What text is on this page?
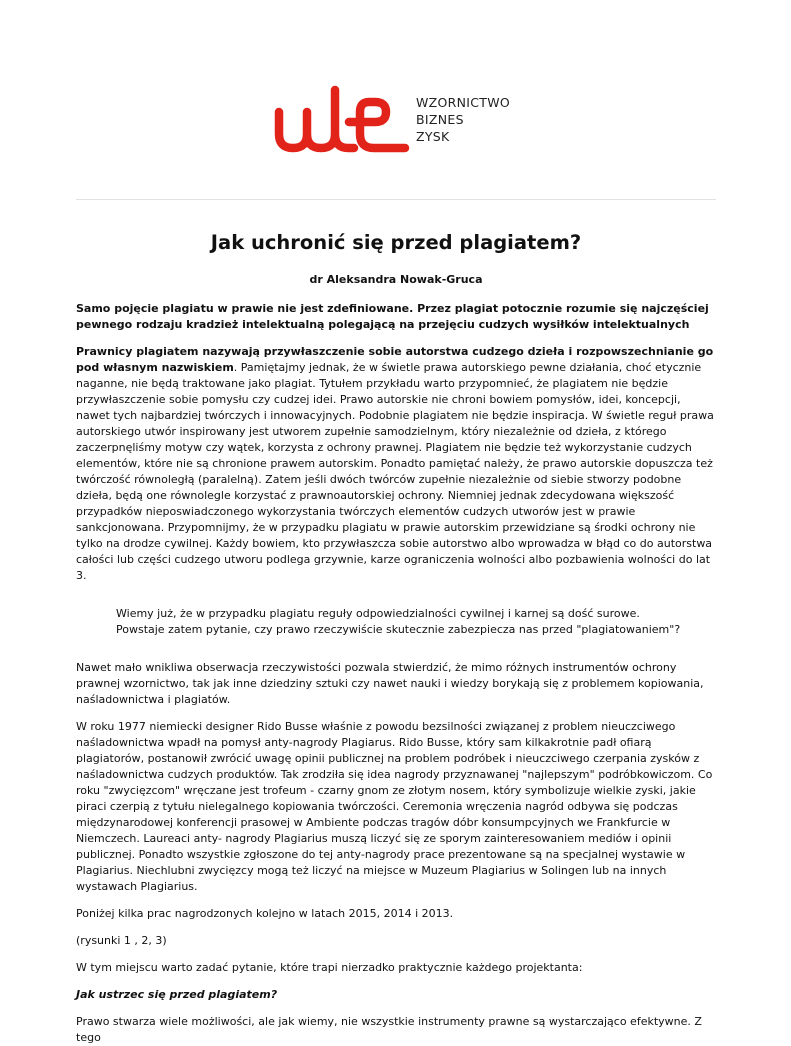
WZORNICTWO
BIZNES
ZYSK
Jak uchronić się przed plagiatem?
dr Aleksandra Nowak-Gruca

Samo pojęcie plagiatu w prawie nie jest zdefiniowane. Przez plagiat potocznie rozumie się najczęściej pewnego rodzaju kradzież intelektualną polegającą na przejęciu cudzych wysiłków intelektualnych

Prawnicy plagiatem nazywają przywłaszczenie sobie autorstwa cudzego dzieła i rozpowszechnianie go pod własnym nazwiskiem. Pamiętajmy jednak, że w świetle prawa autorskiego pewne działania, choć etycznie naganne, nie będą traktowane jako plagiat. Tytułem przykładu warto przypomnieć, że plagiatem nie będzie przywłaszczenie sobie pomysłu czy cudzej idei. Prawo autorskie nie chroni bowiem pomysłów, idei, koncepcji, nawet tych najbardziej twórczych i innowacyjnych. Podobnie plagiatem nie będzie inspiracja. W świetle reguł prawa autorskiego utwór inspirowany jest utworem zupełnie samodzielnym, który niezależnie od dzieła, z którego zaczerpnęliśmy motyw czy wątek, korzysta z ochrony prawnej. Plagiatem nie będzie też wykorzystanie cudzych elementów, które nie są chronione prawem autorskim. Ponadto pamiętać należy, że prawo autorskie dopuszcza też twórczość równoległą (paralelną). Zatem jeśli dwóch twórców zupełnie niezależnie od siebie stworzy podobne dzieła, będą one równolegle korzystać z prawnoautorskiej ochrony. Niemniej jednak zdecydowana większość przypadków nieposwiadczonego wykorzystania twórczych elementów cudzych utworów jest w prawie sankcjonowana. Przypomnijmy, że w przypadku plagiatu w prawie autorskim przewidziane są środki ochrony nie tylko na drodze cywilnej. Każdy bowiem, kto przywłaszcza sobie autorstwo albo wprowadza w błąd co do autorstwa całości lub części cudzego utworu podlega grzywnie, karze ograniczenia wolności albo pozbawienia wolności do lat 3.

Wiemy już, że w przypadku plagiatu reguły odpowiedzialności cywilnej i karnej są dość surowe.

Powstaje zatem pytanie, czy prawo rzeczywiście skutecznie zabezpiecza nas przed "plagiatowaniem"?

Nawet mało wnikliwa obserwacja rzeczywistości pozwala stwierdzić, że mimo różnych instrumentów ochrony prawnej wzornictwo, tak jak inne dziedziny sztuki czy nawet nauki i wiedzy borykają się z problemem kopiowania, naśladownictwa i plagiatów.

W roku 1977 niemiecki designer Rido Busse właśnie z powodu bezsilności związanej z problem nieuczciwego naśladownictwa wpadł na pomysł anty-nagrody Plagiarus. Rido Busse, który sam kilkakrotnie padł ofiarą plagiatorów, postanowił zwrócić uwagę opinii publicznej na problem podróbek i nieuczciwego czerpania zysków z naśladownictwa cudzych produktów. Tak zrodziła się idea nagrody przyznawanej "najlepszym" podróbkowiczom. Co roku "zwycięzcom" wręczane jest trofeum - czarny gnom ze złotym nosem, który symbolizuje wielkie zyski, jakie piraci czerpią z tytułu nielegalnego kopiowania twórczości. Ceremonia wręczenia nagród odbywa się podczas międzynarodowej konferencji prasowej w Ambiente podczas tragów dóbr konsumpcyjnych we Frankfurcie w Niemczech. Laureaci anty- nagrody Plagiarius muszą liczyć się ze sporym zainteresowaniem mediów i opinii publicznej. Ponadto wszystkie zgłoszone do tej anty-nagrody prace prezentowane są na specjalnej wystawie w Plagiarius. Niechlubni zwycięzcy mogą też liczyć na miejsce w Muzeum Plagiarius w Solingen lub na innych wystawach Plagiarius.

Poniżej kilka prac nagrodzonych kolejno w latach 2015, 2014 i 2013.

(rysunki 1 , 2, 3)

W tym miejscu warto zadać pytanie, które trapi nierzadko praktycznie każdego projektanta:

Jak ustrzec się przed plagiatem?

Prawo stwarza wiele możliwości, ale jak wiemy, nie wszystkie instrumenty prawne są wystarczająco efektywne. Z tego
